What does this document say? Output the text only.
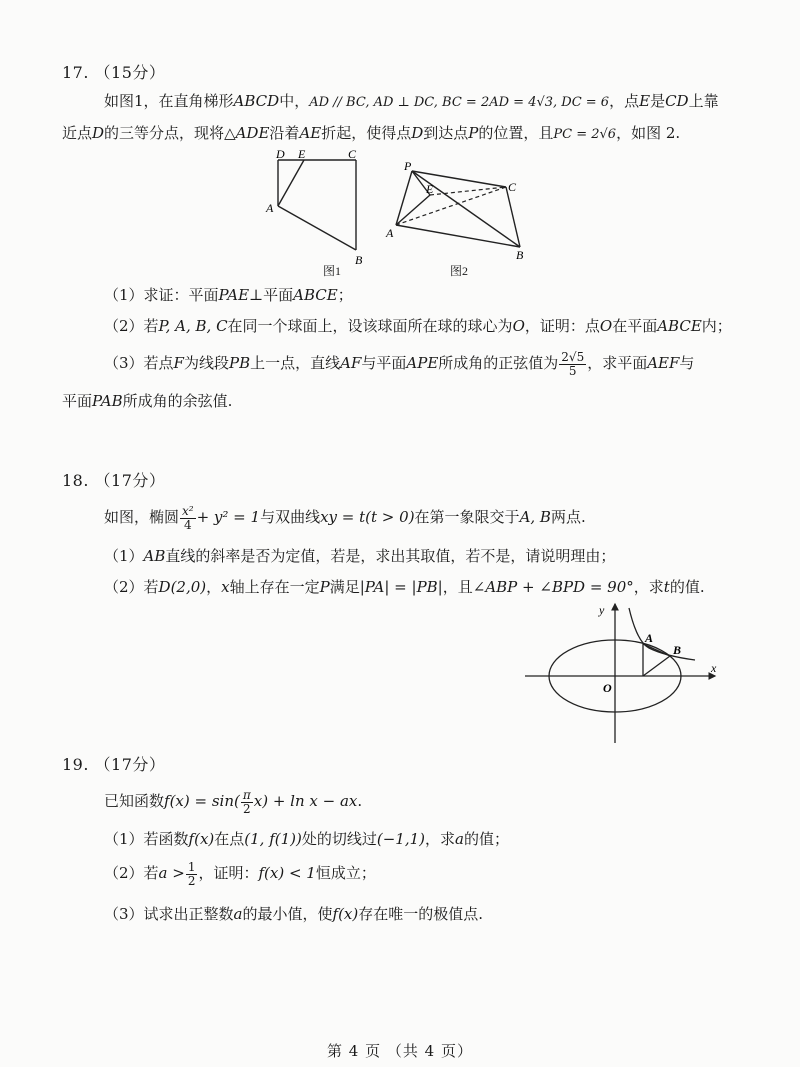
17. （15分）
如图1，在直角梯形ABCD中，AD // BC, AD ⊥ DC, BC = 2AD = 4√3, DC = 6，点E是CD上靠
近点D的三等分点，现将△ADE沿着AE折起，使得点D到达点P的位置，且PC = 2√6，如图 2.
D E	C
A
B
图1
P
E	C
A
B
图2
（1）求证：平面PAE⊥平面ABCE；
（2）若P, A, B, C在同一个球面上，设该球面所在球的球心为O，证明：点O在平面ABCE内；
（3）若点F为线段PB上一点，直线AF与平面APE所成角的正弦值为 $\frac{2√5}{5}$ ，求平面AEF与
平面PAB所成角的余弦值.
18. （17分）
如图，椭圆 $\frac{\text{x²}}{4} + y^2 = 1$与双曲线xy = t(t > 0)在第一象限交于A, B两点.
（1）AB直线的斜率是否为定值，若是，求出其取值，若不是，请说明理由；
（2）若D(2,0)，x轴上存在一定P满足|PA| = |PB|，且∠ABP + ∠BPD = 90°，求t的值.
y
x
O
A
B
19. （17分）
已知函数$f(x) = \sin( \frac{\pi}{2} x) + \ln x$ − ax.
（1）若函数f(x)在点(1, f(1))处的切线过(−1,1)，求a的值；
（2）若$a > \frac{1}{2}$ ，证明：f(x) < 1恒成立；
（3）试求出正整数a的最小值，使f(x)存在唯一的极值点.
第 4 页 （共 4 页）
